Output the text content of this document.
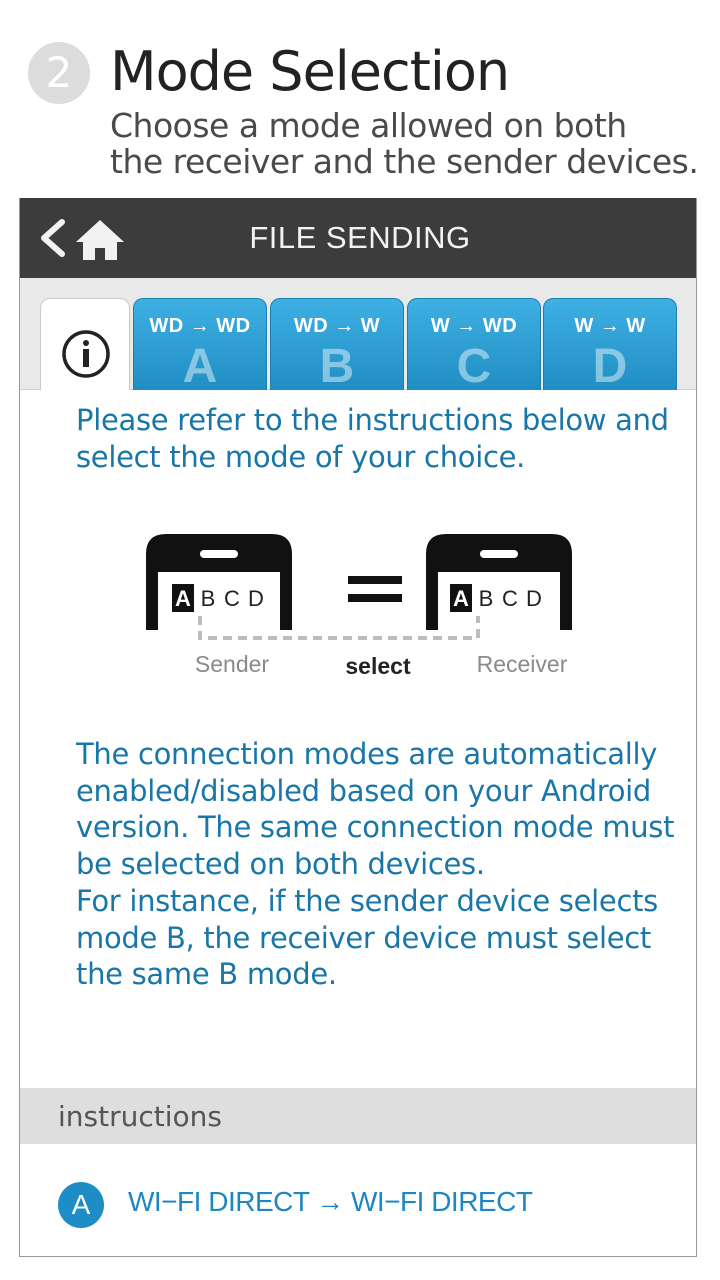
2 Mode Selection
Choose a mode allowed on both
the receiver and the sender devices.
FILE SENDING
WD → WD
A
WD → W
B
W → WD
C
W → W
D
Please refer to the instructions below and select the mode of your choice.
A B C D	A B C D
Sender	select	Receiver

The connection modes are automatically enabled/disabled based on your Android version. The same connection mode must be selected on both devices.

For instance, if the sender device selects mode B, the receiver device must select the same B mode.

instructions
A	WI−FI DIRECT → WI−FI DIRECT
